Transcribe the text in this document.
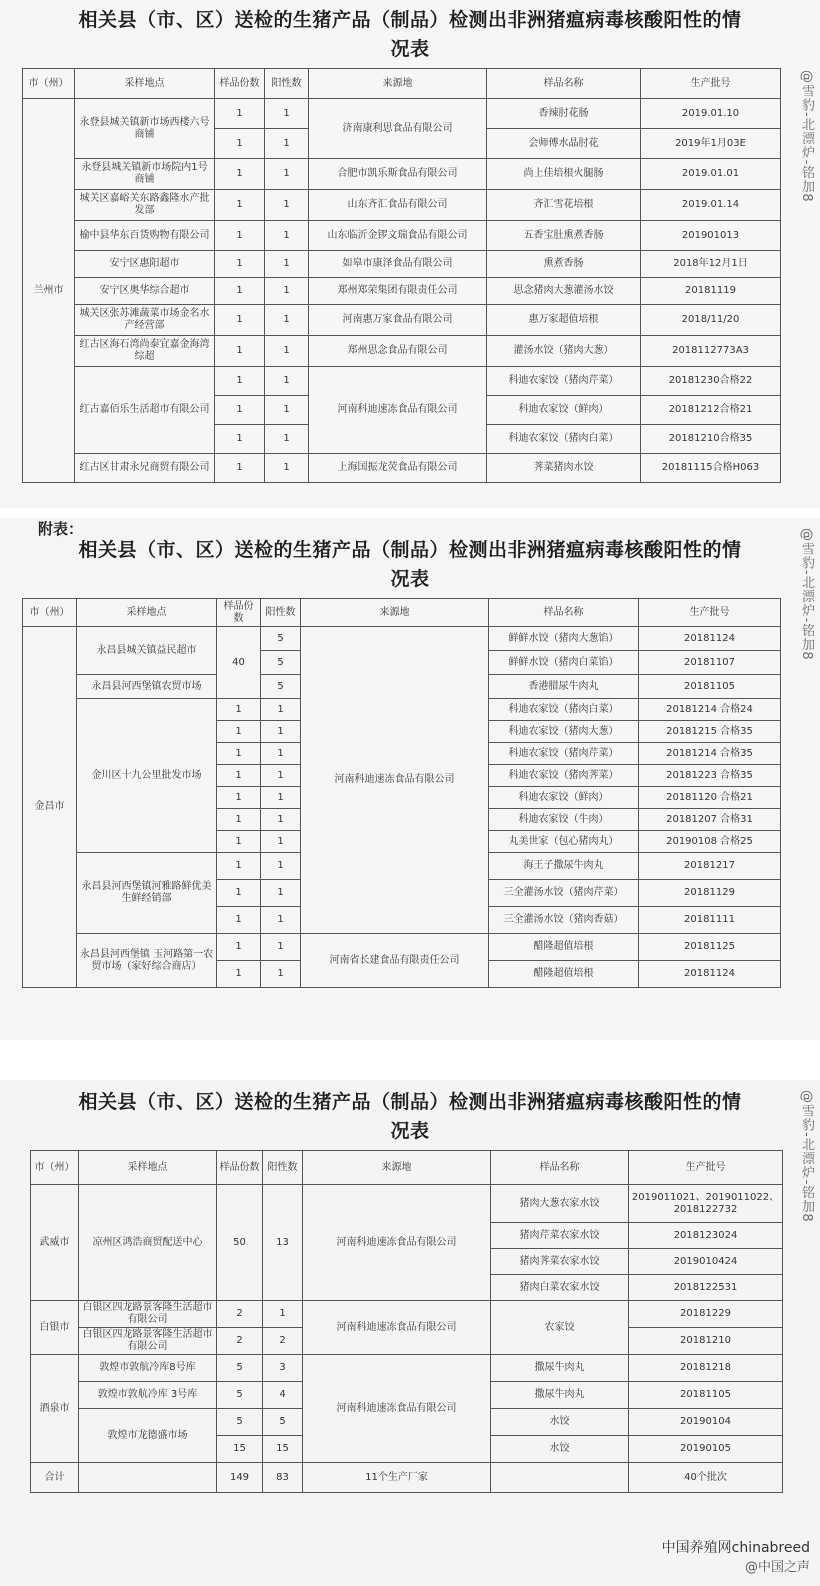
相关县（市、区）送检的生猪产品（制品）检测出非洲猪瘟病毒核酸阳性的情
况表
市（州）	采样地点	样品份数	阳性数	来源地	样品名称	生产批号
兰州市	永登县城关镇新市场西楼六号商铺	1	1	济南康利思食品有限公司	香辣肘花肠	2019.01.10
		1	1		会师傅水晶肘花	2019年1月03E
	永登县城关镇新市场院内1号商铺	1	1	合肥市凯乐斯食品有限公司	尚上佳培根火腿肠	2019.01.01
	城关区嘉峪关东路鑫隆水产批发部	1	1	山东齐汇食品有限公司	齐汇雪花培根	2019.01.14
	榆中县华东百货购物有限公司	1	1	山东临沂金锣文瑞食品有限公司	五香宝肚熏煮香肠	201901013
	安宁区惠阳超市	1	1	如皋市康泽食品有限公司	熏煮香肠	2018年12月1日
	安宁区奥华综合超市	1	1	郑州郑荣集团有限责任公司	思念猪肉大葱灌汤水饺	20181119
	城关区张苏滩蔬菜市场金名水产经营部	1	1	河南惠万家食品有限公司	惠万家超值培根	2018/11/20
	红古区海石湾尚泰宜嘉金海湾综超	1	1	郑州思念食品有限公司	灌汤水饺（猪肉大葱）	2018112773A3
	红古嘉佰乐生活超市有限公司	1	1	河南科迪速冻食品有限公司	科迪农家饺（猪肉芹菜）	20181230合格22
		1	1		科迪农家饺（鲜肉）	20181212合格21
		1	1		科迪农家饺（猪肉白菜）	20181210合格35
	红古区甘肃永兄商贸有限公司	1	1	上海国振龙荧食品有限公司	荠菜猪肉水饺	20181115合格H063
@雪豹-北漂炉-铭加8
附表：
相关县（市、区）送检的生猪产品（制品）检测出非洲猪瘟病毒核酸阳性的情
况表
市（州）	采样地点	样品份数	阳性数	来源地	样品名称	生产批号
金昌市	永昌县城关镇益民超市	40	5	河南科迪速冻食品有限公司	鲜鲜水饺（猪肉大葱馅）	20181124
			5		鲜鲜水饺（猪肉白菜馅）	20181107
	永昌县河西堡镇农贸市场		5		香港腊尿牛肉丸	20181105
	金川区十九公里批发市场	1	1		科迪农家饺（猪肉白菜）	20181214 合格24
		1	1		科迪农家饺（猪肉大葱）	20181215 合格35
		1	1		科迪农家饺（猪肉芹菜）	20181214 合格35
		1	1		科迪农家饺（猪肉荠菜）	20181223 合格35
		1	1		科迪农家饺（鲜肉）	20181120 合格21
		1	1		科迪农家饺（牛肉）	20181207 合格31
		1	1		丸美世家（包心猪肉丸）	20190108 合格25
	永昌县河西堡镇河雅路鲜优美生鲜经销部	1	1		海王子撒尿牛肉丸	20181217
		1	1		三全灌汤水饺（猪肉芹菜）	20181129
		1	1		三全灌汤水饺（猪肉香菇）	20181111
	永昌县河西堡镇 玉河路第一农贸市场（家好综合商店）	1	1	河南省长建食品有限责任公司	醋隆超值培根	20181125
		1	1		醋隆超值培根	20181124
@雪豹-北漂炉-铭加8
相关县（市、区）送检的生猪产品（制品）检测出非洲猪瘟病毒核酸阳性的情
况表
市（州）	采样地点	样品份数	阳性数	来源地	样品名称	生产批号
武威市	凉州区鸿浩商贸配送中心	50	13	河南科迪速冻食品有限公司	猪肉大葱农家水饺	2019011021、2019011022、2018122732
					猪肉芹菜农家水饺	2018123024
					猪肉荠菜农家水饺	2019010424
					猪肉白菜农家水饺	2018122531
白银市	白银区四龙路景客隆生活超市有限公司	2	1	河南科迪速冻食品有限公司	农家饺	20181229
	白银区四龙路景客隆生活超市有限公司	2	2			20181210
酒泉市	敦煌市敦航冷库8号库	5	3	河南科迪速冻食品有限公司	撒尿牛肉丸	20181218
	敦煌市敦航冷库 3号库	5	4		撒尿牛肉丸	20181105
	敦煌市龙德盛市场	5	5		水饺	20190104
		15	15		水饺	20190105
合计		149	83	11个生产厂家		40个批次
@雪豹-北漂炉-铭加8
中国养殖网chinabreed
@中国之声
